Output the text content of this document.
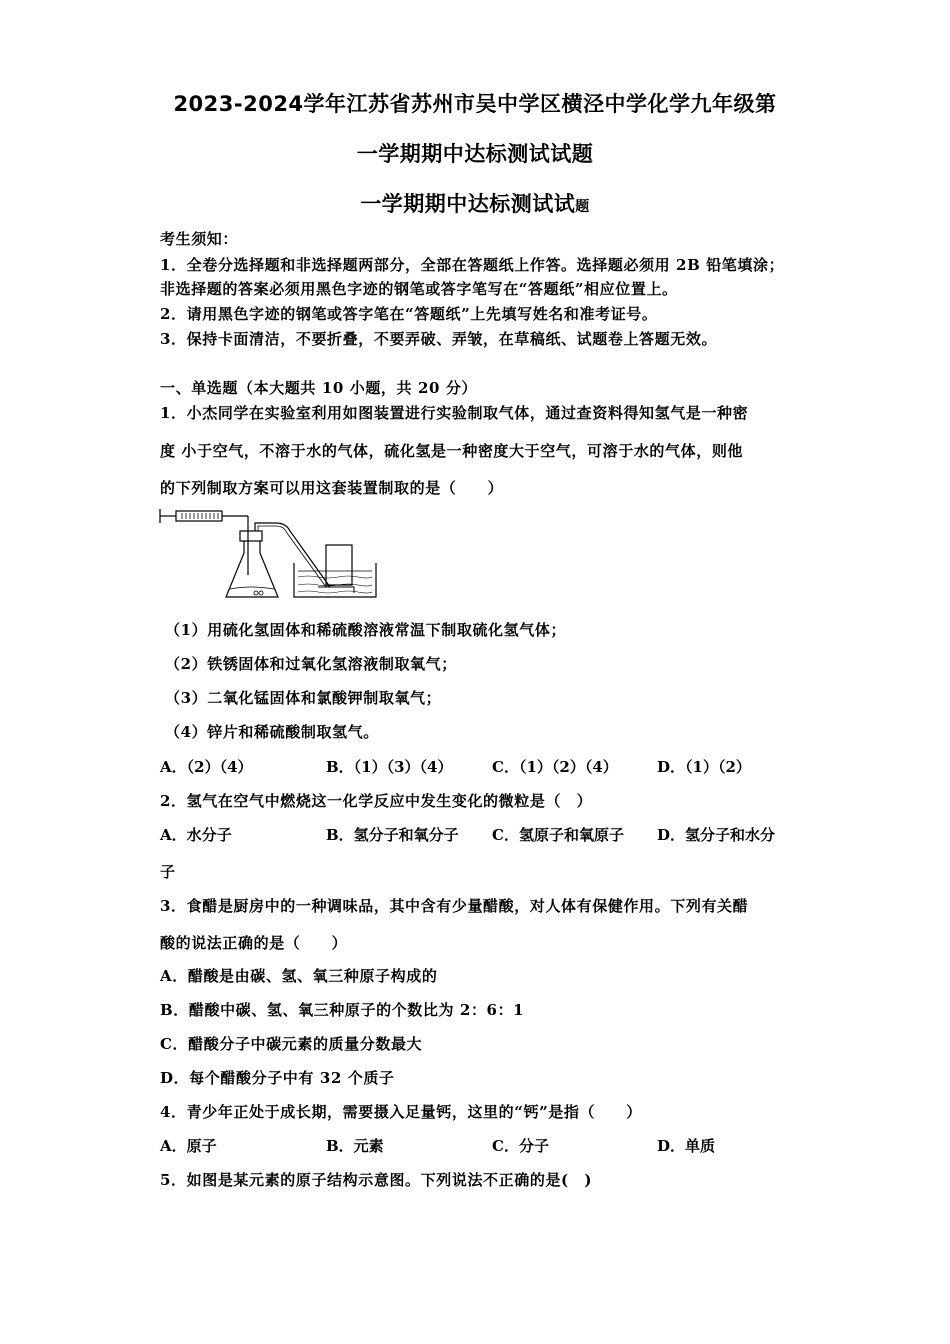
2023-2024学年江苏省苏州市吴中学区横泾中学化学九年级第
一学期期中达标测试试题
一学期期中达标测试试题
考生须知：
1．全卷分选择题和非选择题两部分，全部在答题纸上作答。选择题必须用 2B 铅笔填涂；
非选择题的答案必须用黑色字迹的钢笔或答字笔写在“答题纸”相应位置上。
2．请用黑色字迹的钢笔或答字笔在“答题纸”上先填写姓名和准考证号。
3．保持卡面清洁，不要折叠，不要弄破、弄皱，在草稿纸、试题卷上答题无效。
一、单选题（本大题共 10 小题，共 20 分）
1．小杰同学在实验室利用如图装置进行实验制取气体，通过查资料得知氢气是一种密
度 小于空气，不溶于水的气体，硫化氢是一种密度大于空气，可溶于水的气体，则他
的下列制取方案可以用这套装置制取的是（　　）
（1）用硫化氢固体和稀硫酸溶液常温下制取硫化氢气体；
（2）铁锈固体和过氧化氢溶液制取氧气；
（3）二氧化锰固体和氯酸钾制取氧气；
（4）锌片和稀硫酸制取氢气。
A．（2）（4）	B．（1）（3）（4）	C．（1）（2）（4）	D．（1）（2）
2．氢气在空气中燃烧这一化学反应中发生变化的微粒是（　）
A．水分子	B．氢分子和氧分子 C．氢原子和氧原子 D．氢分子和水分
子
3．食醋是厨房中的一种调味品，其中含有少量醋酸，对人体有保健作用。下列有关醋
酸的说法正确的是（　　）
A．醋酸是由碳、氢、氧三种原子构成的
B．醋酸中碳、氢、氧三种原子的个数比为 2：6：1
C．醋酸分子中碳元素的质量分数最大
D．每个醋酸分子中有 32 个质子
4．青少年正处于成长期，需要摄入足量钙，这里的“钙”是指（　　）
A．原子	B．元素	C．分子	D．单质
5．如图是某元素的原子结构示意图。下列说法不正确的是(　)
